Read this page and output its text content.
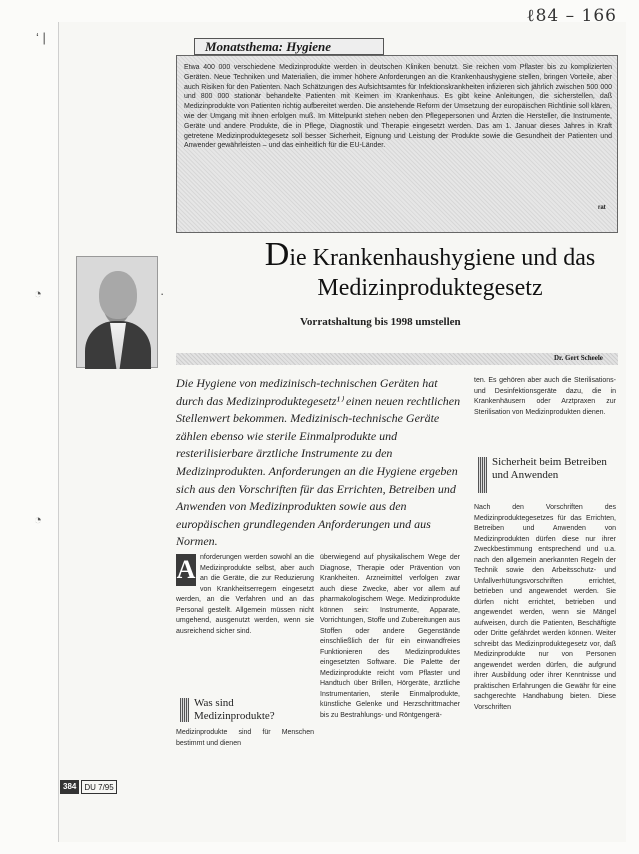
ℓ84 – 166
‘ |
◔
◔
·
Monatsthema: Hygiene
Etwa 400 000 verschiedene Medizinprodukte werden in deutschen Kliniken benutzt. Sie reichen vom Pflaster bis zu komplizierten Geräten. Neue Techniken und Materialien, die immer höhere Anforderungen an die Krankenhaushygiene stellen, bringen Vorteile, aber auch Risiken für den Patienten. Nach Schätzungen des Aufsichtsamtes für Infektionskrankheiten infizieren sich jährlich zwischen 500 000 und 800 000 stationär behandelte Patienten mit Keimen im Krankenhaus. Es gibt keine Anleitungen, die sicherstellen, daß Medizinprodukte von Patienten richtig aufbereitet werden. Die anstehende Reform der Umsetzung der europäischen Richtlinie soll klären, wie der Umgang mit ihnen erfolgen muß. Im Mittelpunkt stehen neben den Pflegepersonen und Ärzten die Hersteller, die Instrumente, Geräte und andere Produkte, die in Pflege, Diagnostik und Therapie eingesetzt werden. Das am 1. Januar dieses Jahres in Kraft getretene Medizinproduktegesetz soll besser Sicherheit, Eignung und Leistung der Produkte sowie die Gesundheit der Patienten und Anwender gewährleisten – und das einheitlich für die EU-Länder.
rat
Die Krankenhaushygiene und das Medizinproduktegesetz
Vorratshaltung bis 1998 umstellen
Dr. Gert Scheele
Die Hygiene von medizinisch-technischen Geräten hat durch das Medizinproduktegesetz¹⁾ einen neuen rechtlichen Stellenwert bekommen. Medizinisch-technische Geräte zählen ebenso wie sterile Einmalprodukte und resterilisierbare ärztliche Instrumente zu den Medizinprodukten. Anforderungen an die Hygiene ergeben sich aus den Vorschriften für das Errichten, Betreiben und Anwenden von Medizinprodukten sowie aus den europäischen grundlegenden Anforderungen und aus Normen.
A nforderungen werden sowohl an die Medizinprodukte selbst, aber auch an die Geräte, die zur Reduzierung von Krankheitserregern eingesetzt werden, an die Verfahren und an das Personal gestellt. Allgemein müssen nicht umgehend, ausgenutzt werden, wenn sie ausreichend sicher sind.
Was sind Medizinprodukte?
Medizinprodukte sind für Menschen bestimmt und dienen
überwiegend auf physikalischem Wege der Diagnose, Therapie oder Prävention von Krankheiten. Arzneimittel verfolgen zwar auch diese Zwecke, aber vor allem auf pharmakologischem Wege. Medizinprodukte können sein: Instrumente, Apparate, Vorrichtungen, Stoffe und Zubereitungen aus Stoffen oder andere Gegenstände einschließlich der für ein einwandfreies Funktionieren des Medizinproduktes eingesetzten Software. Die Palette der Medizinprodukte reicht vom Pflaster und Handtuch über Brillen, Hörgeräte, ärztliche Instrumentarien, sterile Einmalprodukte, künstliche Gelenke und Herzschrittmacher bis zu Bestrahlungs- und Röntgengerä-
ten. Es gehören aber auch die Sterilisations- und Desinfektionsgeräte dazu, die in Krankenhäusern oder Arztpraxen zur Sterilisation von Medizinprodukten dienen.
Sicherheit beim Betreiben und Anwenden
Nach den Vorschriften des Medizinproduktegesetzes für das Errichten, Betreiben und Anwenden von Medizinprodukten dürfen diese nur ihrer Zweckbestimmung entsprechend und u.a. nach den allgemein anerkannten Regeln der Technik sowie den Arbeitsschutz- und Unfallverhütungsvorschriften errichtet, betrieben und angewendet werden. Sie dürfen nicht errichtet, betrieben und angewendet werden, wenn sie Mängel aufweisen, durch die Patienten, Beschäftigte oder Dritte gefährdet werden können. Weiter schreibt das Medizinproduktegesetz vor, daß Medizinprodukte nur von Personen angewendet werden dürfen, die aufgrund ihrer Ausbildung oder ihrer Kenntnisse und praktischen Erfahrungen die Gewähr für eine sachgerechte Handhabung bieten. Diese Vorschriften
384	DU 7/95
